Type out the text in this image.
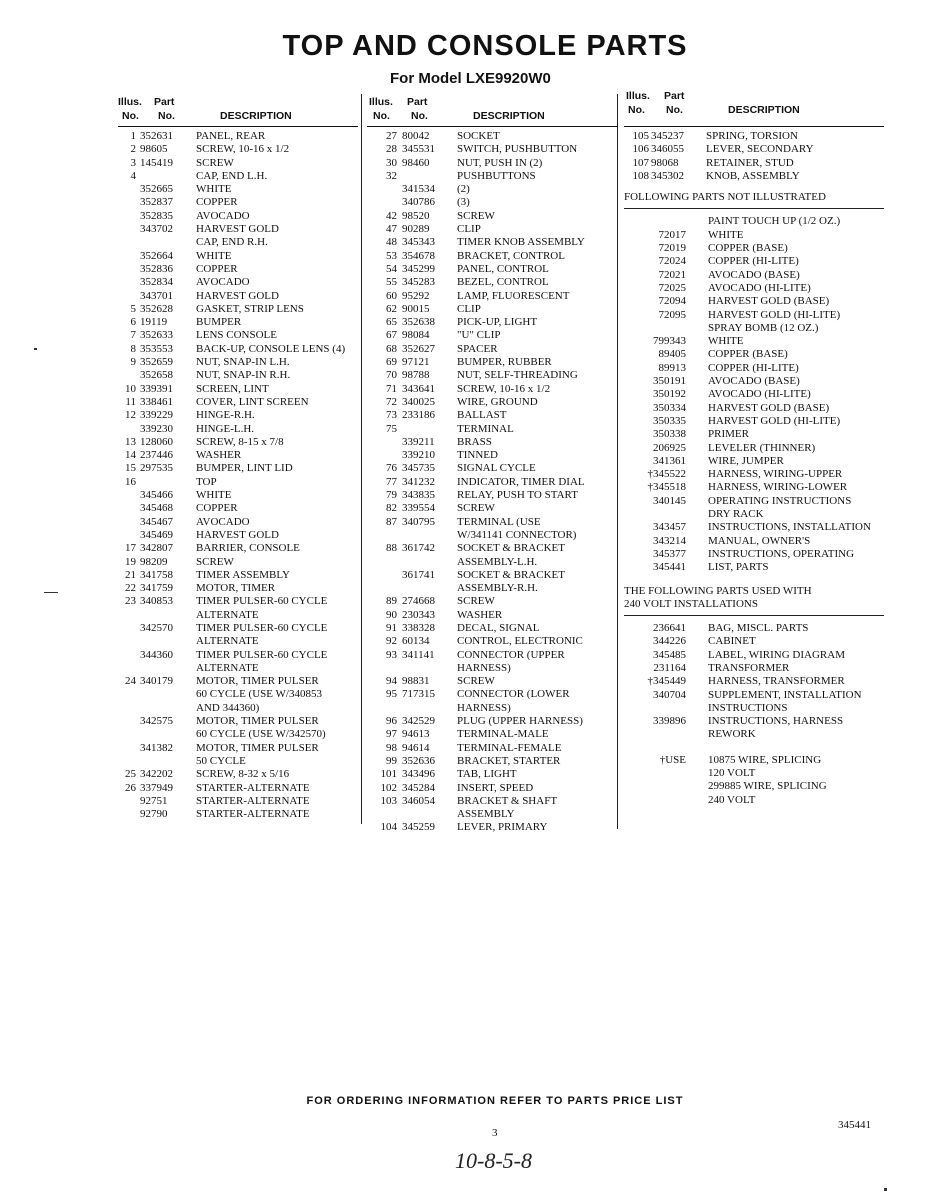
TOP AND CONSOLE PARTS
For Model LXE9920W0
Illus. Part
No. No.	DESCRIPTION
1 352631 PANEL, REAR
2 98605	SCREW, 10-16 x 1/2
3 145419 SCREW
4	CAP, END L.H.
352665 WHITE
352837 COPPER
352835 AVOCADO
343702 HARVEST GOLD
CAP, END R.H.
352664 WHITE
352836 COPPER
352834 AVOCADO
343701 HARVEST GOLD
5 352628 GASKET, STRIP LENS
6 19119	BUMPER
7 352633 LENS CONSOLE
8 353553 BACK-UP, CONSOLE LENS (4)
9 352659 NUT, SNAP-IN L.H.
352658 NUT, SNAP-IN R.H.
10 339391 SCREEN, LINT
11 338461 COVER, LINT SCREEN
12 339229 HINGE-R.H.
339230 HINGE-L.H.
13 128060 SCREW, 8-15 x 7/8
14 237446 WASHER
15 297535 BUMPER, LINT LID
16	TOP
345466 WHITE
345468 COPPER
345467 AVOCADO
345469 HARVEST GOLD
17 342807 BARRIER, CONSOLE
19 98209	SCREW
21 341758 TIMER ASSEMBLY
22 341759 MOTOR, TIMER
23 340853 TIMER PULSER-60 CYCLE
ALTERNATE
342570 TIMER PULSER-60 CYCLE
ALTERNATE
344360 TIMER PULSER-60 CYCLE
ALTERNATE
24 340179 MOTOR, TIMER PULSER
60 CYCLE (USE W/340853
AND 344360)
342575 MOTOR, TIMER PULSER
60 CYCLE (USE W/342570)
341382 MOTOR, TIMER PULSER
50 CYCLE
25 342202 SCREW, 8-32 x 5/16
26 337949 STARTER-ALTERNATE
92751	STARTER-ALTERNATE
92790	STARTER-ALTERNATE
Illus. Part
No. No.	DESCRIPTION
27 80042	SOCKET
28 345531 SWITCH, PUSHBUTTON
30 98460	NUT, PUSH IN (2)
32	PUSHBUTTONS
341534 (2)
340786 (3)
42 98520	SCREW
47 90289	CLIP
48 345343 TIMER KNOB ASSEMBLY
53 354678 BRACKET, CONTROL
54 345299 PANEL, CONTROL
55 345283 BEZEL, CONTROL
60 95292	LAMP, FLUORESCENT
62 90015	CLIP
65 352638 PICK-UP, LIGHT
67 98084	"U" CLIP
68 352627 SPACER
69 97121	BUMPER, RUBBER
70 98788	NUT, SELF-THREADING
71 343641 SCREW, 10-16 x 1/2
72 340025 WIRE, GROUND
73 233186 BALLAST
75	TERMINAL
339211 BRASS
339210 TINNED
76 345735 SIGNAL CYCLE
77 341232 INDICATOR, TIMER DIAL
79 343835 RELAY, PUSH TO START
82 339554 SCREW
87 340795 TERMINAL (USE
W/341141 CONNECTOR)
88 361742 SOCKET & BRACKET
ASSEMBLY-L.H.
361741 SOCKET & BRACKET
ASSEMBLY-R.H.
89 274668 SCREW
90 230343 WASHER
91 338328 DECAL, SIGNAL
92 60134	CONTROL, ELECTRONIC
93 341141 CONNECTOR (UPPER
HARNESS)
94 98831	SCREW
95 717315 CONNECTOR (LOWER
HARNESS)
96 342529 PLUG (UPPER HARNESS)
97 94613	TERMINAL-MALE
98 94614	TERMINAL-FEMALE
99 352636 BRACKET, STARTER
101 343496 TAB, LIGHT
102 345284 INSERT, SPEED
103 346054 BRACKET & SHAFT
ASSEMBLY
104 345259 LEVER, PRIMARY
Illus. Part
No. No.	DESCRIPTION
105 345237 SPRING, TORSION
106 346055 LEVER, SECONDARY
107 98068	RETAINER, STUD
108 345302 KNOB, ASSEMBLY
FOLLOWING PARTS NOT ILLUSTRATED
PAINT TOUCH UP (1/2 OZ.)
72017 WHITE
72019 COPPER (BASE)
72024 COPPER (HI-LITE)
72021 AVOCADO (BASE)
72025 AVOCADO (HI-LITE)
72094 HARVEST GOLD (BASE)
72095 HARVEST GOLD (HI-LITE)
SPRAY BOMB (12 OZ.)
799343 WHITE
89405 COPPER (BASE)
89913 COPPER (HI-LITE)
350191 AVOCADO (BASE)
350192 AVOCADO (HI-LITE)
350334 HARVEST GOLD (BASE)
350335 HARVEST GOLD (HI-LITE)
350338 PRIMER
206925 LEVELER (THINNER)
341361 WIRE, JUMPER
†345522 HARNESS, WIRING-UPPER
†345518 HARNESS, WIRING-LOWER
340145 OPERATING INSTRUCTIONS
DRY RACK
343457 INSTRUCTIONS, INSTALLATION
343214 MANUAL, OWNER'S
345377 INSTRUCTIONS, OPERATING
345441 LIST, PARTS
THE FOLLOWING PARTS USED WITH
240 VOLT INSTALLATIONS
236641 BAG, MISCL. PARTS
344226 CABINET
345485 LABEL, WIRING DIAGRAM
231164 TRANSFORMER
†345449 HARNESS, TRANSFORMER
340704 SUPPLEMENT, INSTALLATION
INSTRUCTIONS
339896 INSTRUCTIONS, HARNESS
REWORK
†USE 10875 WIRE, SPLICING
120 VOLT
299885 WIRE, SPLICING
240 VOLT
FOR ORDERING INFORMATION REFER TO PARTS PRICE LIST
3
345441
10-8-5-8
